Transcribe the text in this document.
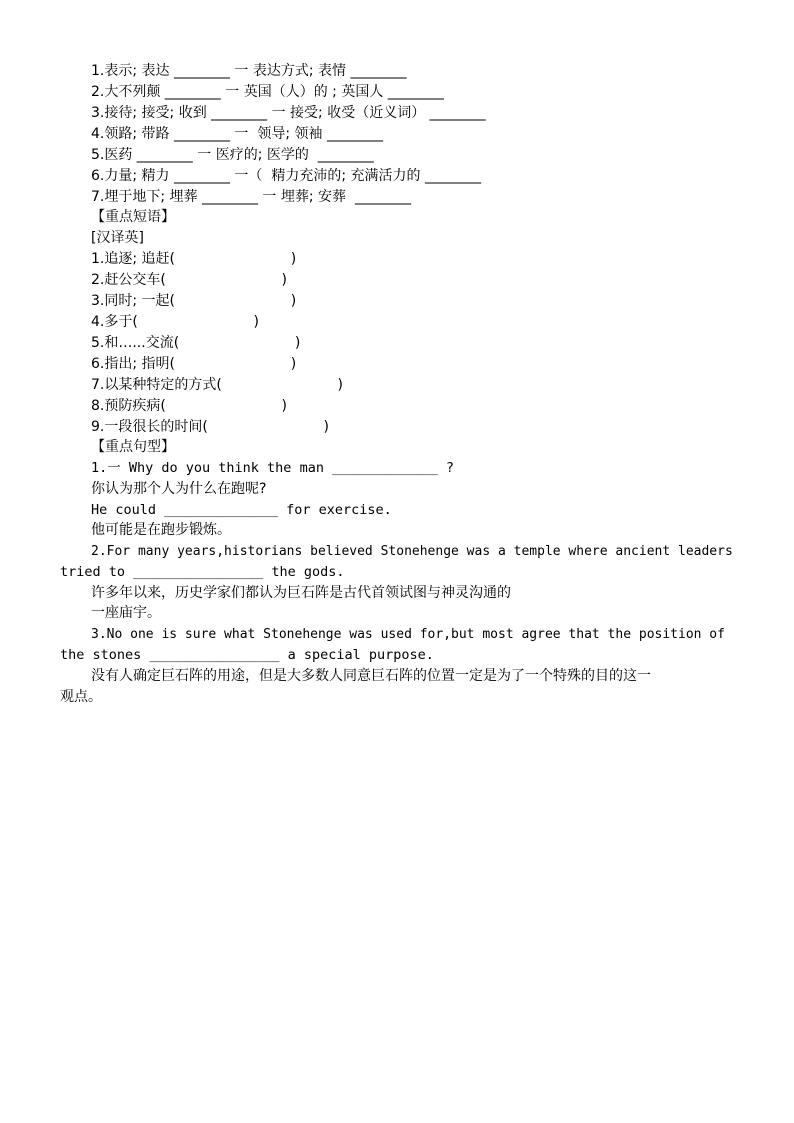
1.表示; 表达 ________ 一 表达方式; 表情 ________
2.大不列颠 ________ 一 英国（人）的 ; 英国人 ________
3.接待; 接受; 收到 ________ 一 接受; 收受（近义词） ________
4.领路; 带路 ________ 一  领导; 领袖 ________
5.医药 ________ 一 医疗的; 医学的  ________
6.力量; 精力 ________ 一（  精力充沛的; 充满活力的 ________
7.埋于地下; 埋葬 ________ 一 埋葬; 安葬  ________
【重点短语】
[汉译英]
1.追逐; 追赶(                          )
2.赶公交车(                          )
3.同时; 一起(                          )
4.多于(                          )
5.和…...交流(                          )
6.指出; 指明(                          )
7.以某种特定的方式(                          )
8.预防疾病(                          )
9.一段很长的时间(                          )
【重点句型】
1.一 Why do you think the man _____________ ?
你认为那个人为什么在跑呢?
He could ______________ for exercise.
他可能是在跑步锻炼。
2.For many years,historians believed Stonehenge was a temple where ancient leaders
tried to ________________ the gods.
许多年以来，历史学家们都认为巨石阵是古代首领试图与神灵沟通的
一座庙宇。
3.No one is sure what Stonehenge was used for,but most agree that the position of
the stones ________________ a special purpose.
没有人确定巨石阵的用途，但是大多数人同意巨石阵的位置一定是为了一个特殊的目的这一
观点。
